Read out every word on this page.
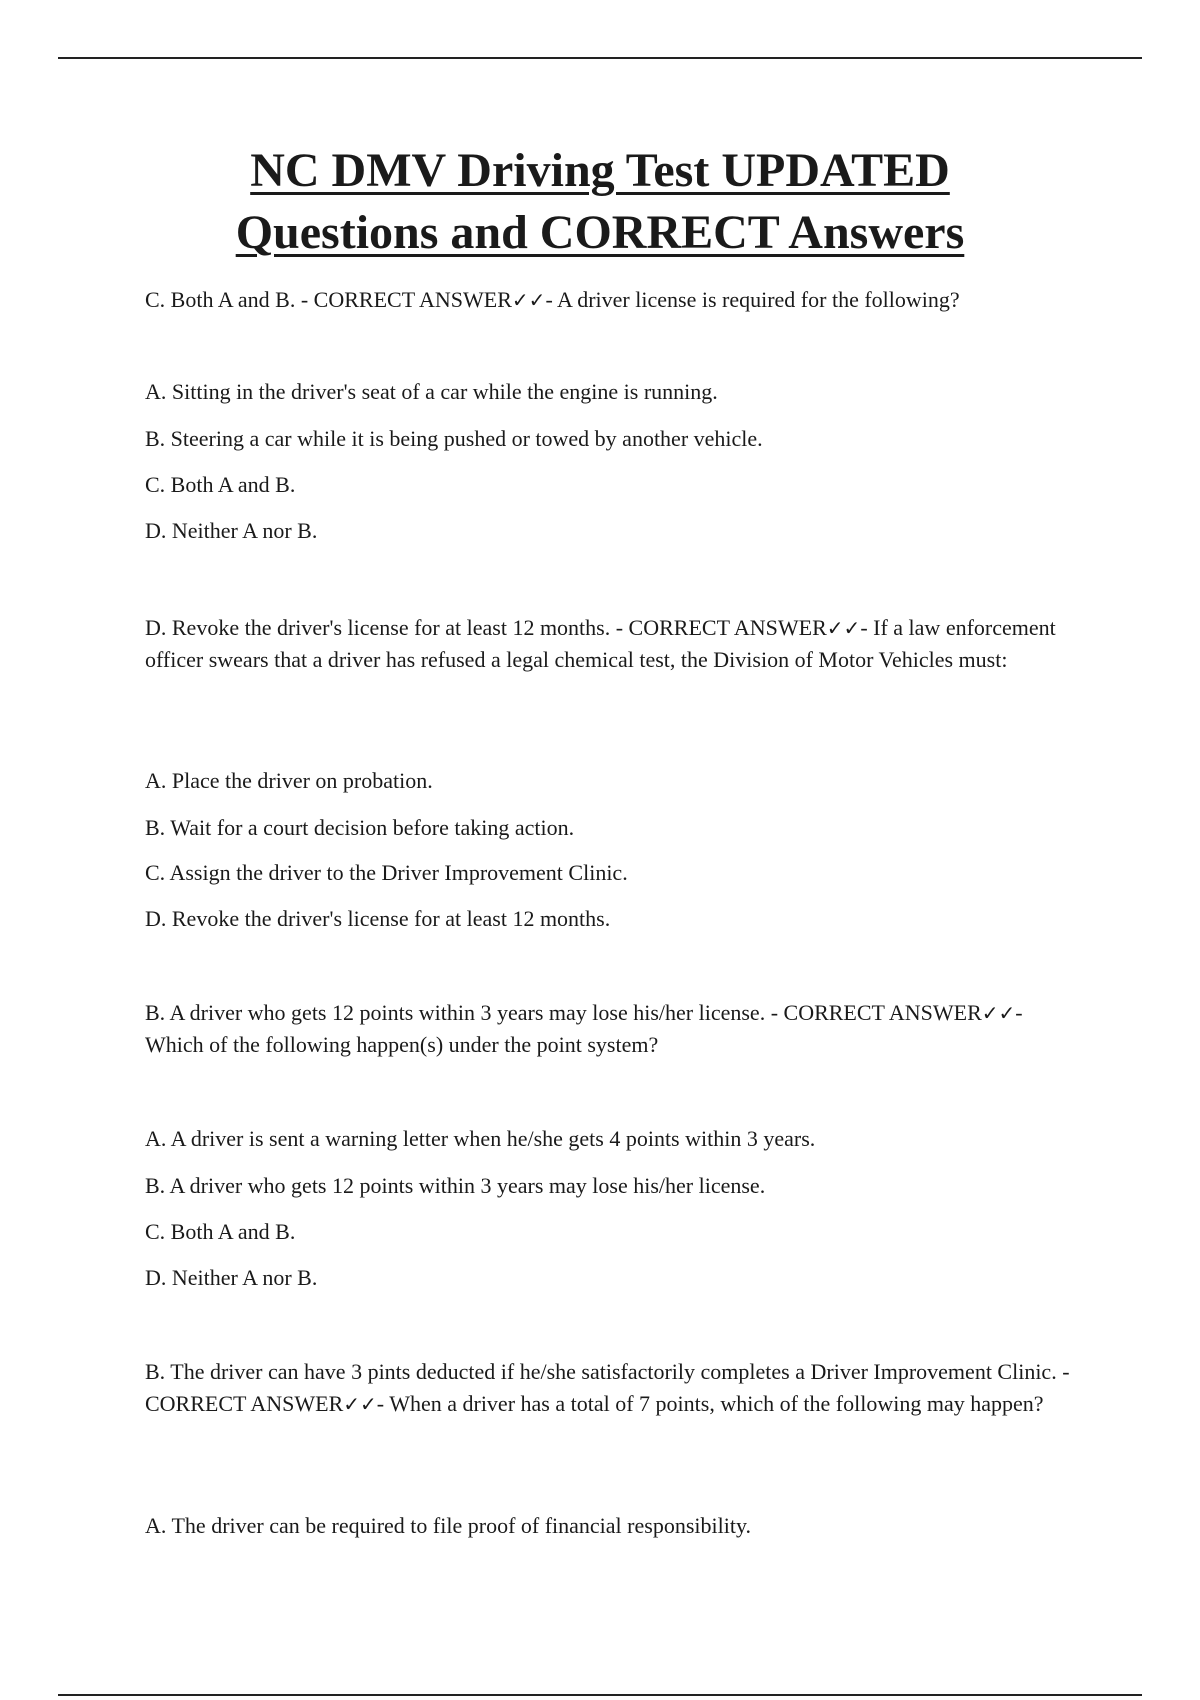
NC DMV Driving Test UPDATED
Questions and CORRECT Answers
C. Both A and B. - CORRECT ANSWER✓✓- A driver license is required for the following?
A. Sitting in the driver's seat of a car while the engine is running.
B. Steering a car while it is being pushed or towed by another vehicle.
C. Both A and B.
D. Neither A nor B.
D. Revoke the driver's license for at least 12 months. - CORRECT ANSWER✓✓- If a law enforcement officer swears that a driver has refused a legal chemical test, the Division of Motor Vehicles must:
A. Place the driver on probation.
B. Wait for a court decision before taking action.
C. Assign the driver to the Driver Improvement Clinic.
D. Revoke the driver's license for at least 12 months.
B. A driver who gets 12 points within 3 years may lose his/her license. - CORRECT ANSWER✓✓- Which of the following happen(s) under the point system?
A. A driver is sent a warning letter when he/she gets 4 points within 3 years.
B. A driver who gets 12 points within 3 years may lose his/her license.
C. Both A and B.
D. Neither A nor B.
B. The driver can have 3 pints deducted if he/she satisfactorily completes a Driver Improvement Clinic. - CORRECT ANSWER✓✓- When a driver has a total of 7 points, which of the following may happen?
A. The driver can be required to file proof of financial responsibility.
